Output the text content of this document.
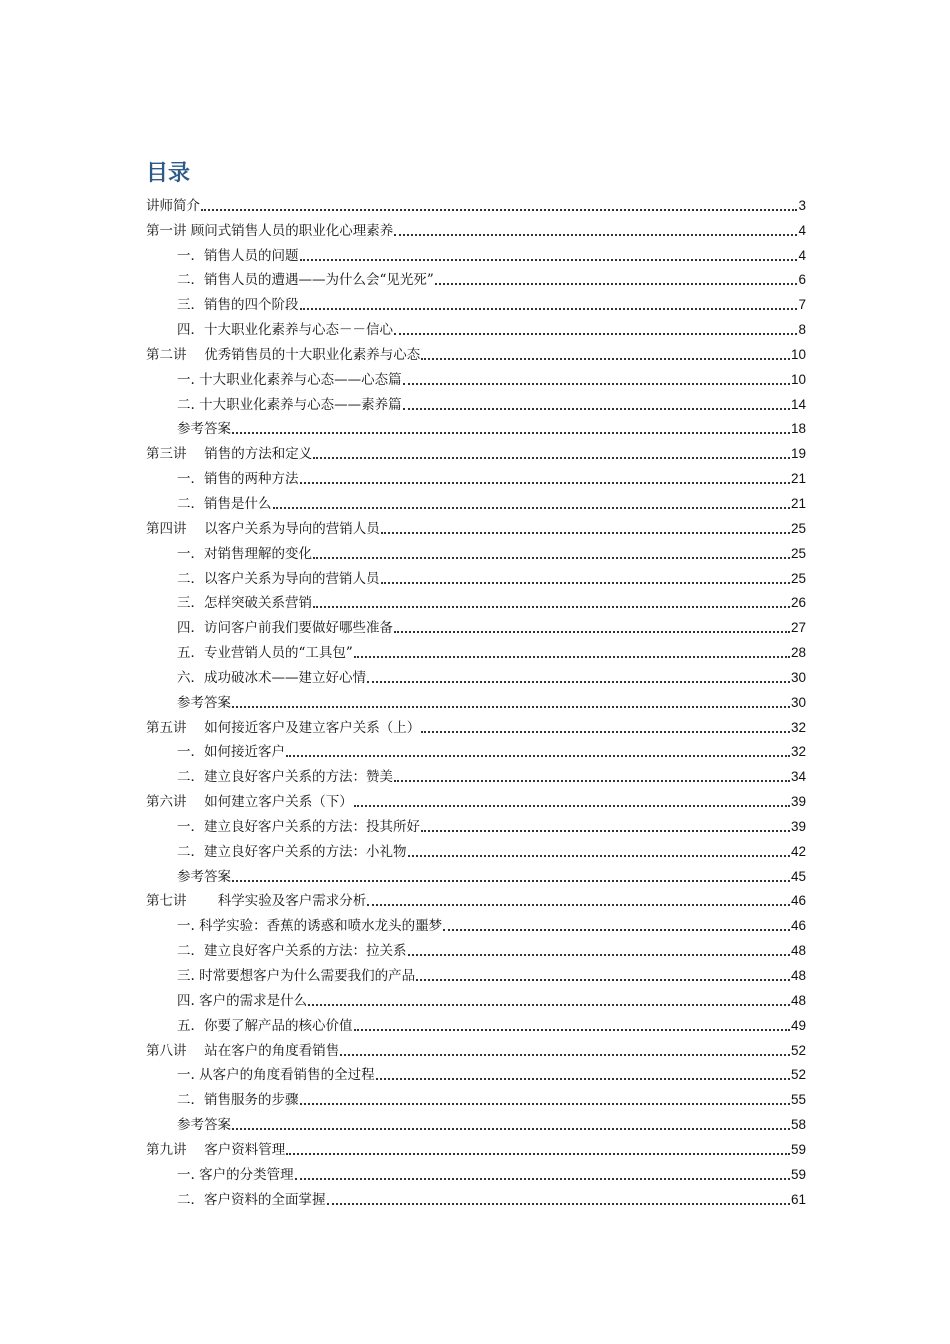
目录
讲师简介	3
第一讲 顾问式销售人员的职业化心理素养	4
一．销售人员的问题	4
二．销售人员的遭遇——为什么会“见光死”	6
三．销售的四个阶段	7
四．十大职业化素养与心态－－信心	8
第二讲　 优秀销售员的十大职业化素养与心态	10
一. 十大职业化素养与心态——心态篇	10
二. 十大职业化素养与心态——素养篇	14
参考答案	18
第三讲　 销售的方法和定义	19
一．销售的两种方法	21
二．销售是什么	21
第四讲　 以客户关系为导向的营销人员	25
一．对销售理解的变化	25
二．以客户关系为导向的营销人员	25
三．怎样突破关系营销	26
四．访问客户前我们要做好哪些准备	27
五．专业营销人员的“工具包”	28
六．成功破冰术——建立好心情	30
参考答案	30
第五讲　 如何接近客户及建立客户关系（上）	32
一．如何接近客户	32
二．建立良好客户关系的方法：赞美	34
第六讲　 如何建立客户关系（下）	39
一．建立良好客户关系的方法：投其所好	39
二．建立良好客户关系的方法：小礼物	42
参考答案	45
第七讲　　 科学实验及客户需求分析	46
一. 科学实验：香蕉的诱惑和喷水龙头的噩梦	46
二．建立良好客户关系的方法：拉关系	48
三. 时常要想客户为什么需要我们的产品	48
四. 客户的需求是什么	48
五．你要了解产品的核心价值	49
第八讲　 站在客户的角度看销售	52
一. 从客户的角度看销售的全过程	52
二．销售服务的步骤	55
参考答案	58
第九讲　 客户资料管理	59
一. 客户的分类管理	59
二．客户资料的全面掌握	61
